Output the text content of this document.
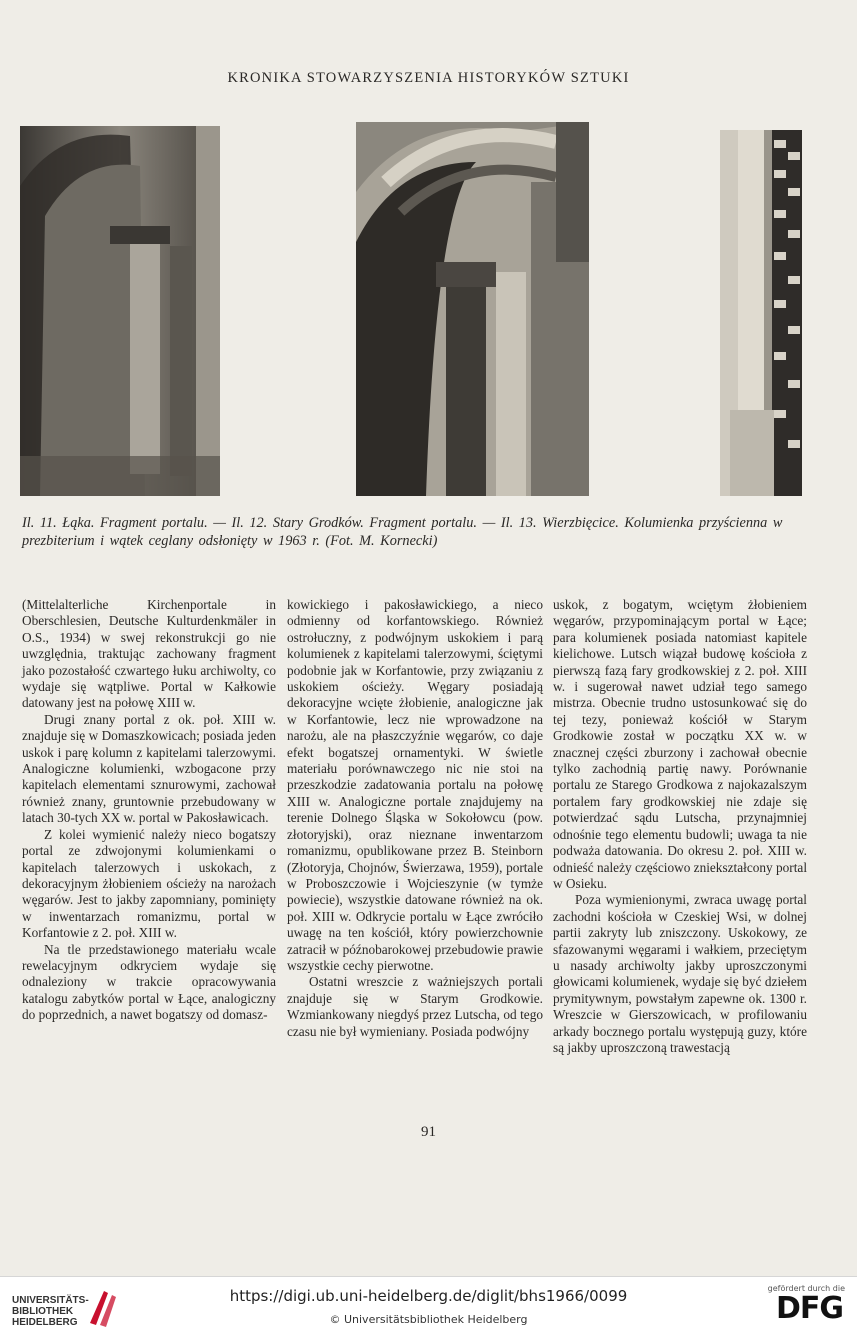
KRONIKA STOWARZYSZENIA HISTORYKÓW SZTUKI
Il. 11. Łąka. Fragment portalu. — Il. 12. Stary Grodków. Fragment portalu. — Il. 13. Wierzbięcice. Kolumienka przyścienna w prezbiterium i wątek ceglany odsłonięty w 1963 r. (Fot. M. Kornecki)

(Mittelalterliche Kirchenportale in Oberschlesien, Deutsche Kulturdenkmäler in O.S., 1934) w swej rekonstrukcji go nie uwzględnia, traktując zachowany fragment jako pozostałość czwartego łuku archiwolty, co wydaje się wątpliwe. Portal w Kałkowie datowany jest na połowę XIII w.

Drugi znany portal z ok. poł. XIII w. znajduje się w Domaszkowicach; posiada jeden uskok i parę kolumn z kapitelami talerzowymi. Analogiczne kolumienki, wzbogacone przy kapitelach elementami sznurowymi, zachował również znany, gruntownie przebudowany w latach 30-tych XX w. portal w Pakosławicach.

Z kolei wymienić należy nieco bogatszy portal ze zdwojonymi kolumienkami o kapitelach talerzowych i uskokach, z dekoracyjnym żłobieniem ościeży na narożach węgarów. Jest to jakby zapomniany, pominięty w inwentarzach romanizmu, portal w Korfantowie z 2. poł. XIII w.

Na tle przedstawionego materiału wcale rewelacyjnym odkryciem wydaje się odnaleziony w trakcie opracowywania katalogu zabytków portal w Łące, analogiczny do poprzednich, a nawet bogatszy od domasz-

kowickiego i pakosławickiego, a nieco odmienny od korfantowskiego. Również ostrołuczny, z podwójnym uskokiem i parą kolumienek z kapitelami talerzowymi, ściętymi podobnie jak w Korfantowie, przy związaniu z uskokiem ościeży. Węgary posiadają dekoracyjne wcięte żłobienie, analogiczne jak w Korfantowie, lecz nie wprowadzone na narożu, ale na płaszczyźnie węgarów, co daje efekt bogatszej ornamentyki. W świetle materiału porównawczego nic nie stoi na przeszkodzie zadatowania portalu na połowę XIII w. Analogiczne portale znajdujemy na terenie Dolnego Śląska w Sokołowcu (pow. złotoryjski), oraz nieznane inwentarzom romanizmu, opublikowane przez B. Steinborn (Złotoryja, Chojnów, Świerzawa, 1959), portale w Proboszczowie i Wojcieszynie (w tymże powiecie), wszystkie datowane również na ok. poł. XIII w. Odkrycie portalu w Łące zwróciło uwagę na ten kościół, który powierzchownie zatracił w późnobarokowej przebudowie prawie wszystkie cechy pierwotne.

Ostatni wreszcie z ważniejszych portali znajduje się w Starym Grodkowie. Wzmiankowany niegdyś przez Lutscha, od tego czasu nie był wymieniany. Posiada podwójny

uskok, z bogatym, wciętym żłobieniem węgarów, przypominającym portal w Łące; para kolumienek posiada natomiast kapitele kielichowe. Lutsch wiązał budowę kościoła z pierwszą fazą fary grodkowskiej z 2. poł. XIII w. i sugerował nawet udział tego samego mistrza. Obecnie trudno ustosunkować się do tej tezy, ponieważ kościół w Starym Grodkowie został w początku XX w. w znacznej części zburzony i zachował obecnie tylko zachodnią partię nawy. Porównanie portalu ze Starego Grodkowa z najokazalszym portalem fary grodkowskiej nie zdaje się potwierdzać sądu Lutscha, przynajmniej odnośnie tego elementu budowli; uwaga ta nie podważa datowania. Do okresu 2. poł. XIII w. odnieść należy częściowo zniekształcony portal w Osieku.

Poza wymienionymi, zwraca uwagę portal zachodni kościoła w Czeskiej Wsi, w dolnej partii zakryty lub zniszczony. Uskokowy, ze sfazowanymi węgarami i wałkiem, przeciętym u nasady archiwolty jakby uproszczonymi głowicami kolumienek, wydaje się być dziełem prymitywnym, powstałym zapewne ok. 1300 r. Wreszcie w Gierszowicach, w profilowaniu arkady bocznego portalu występują guzy, które są jakby uproszczoną trawestacją

91
UNIVERSITÄTS-
BIBLIOTHEK
HEIDELBERG
https://digi.ub.uni-heidelberg.de/diglit/bhs1966/0099
© Universitätsbibliothek Heidelberg
gefördert durch die
DFG
